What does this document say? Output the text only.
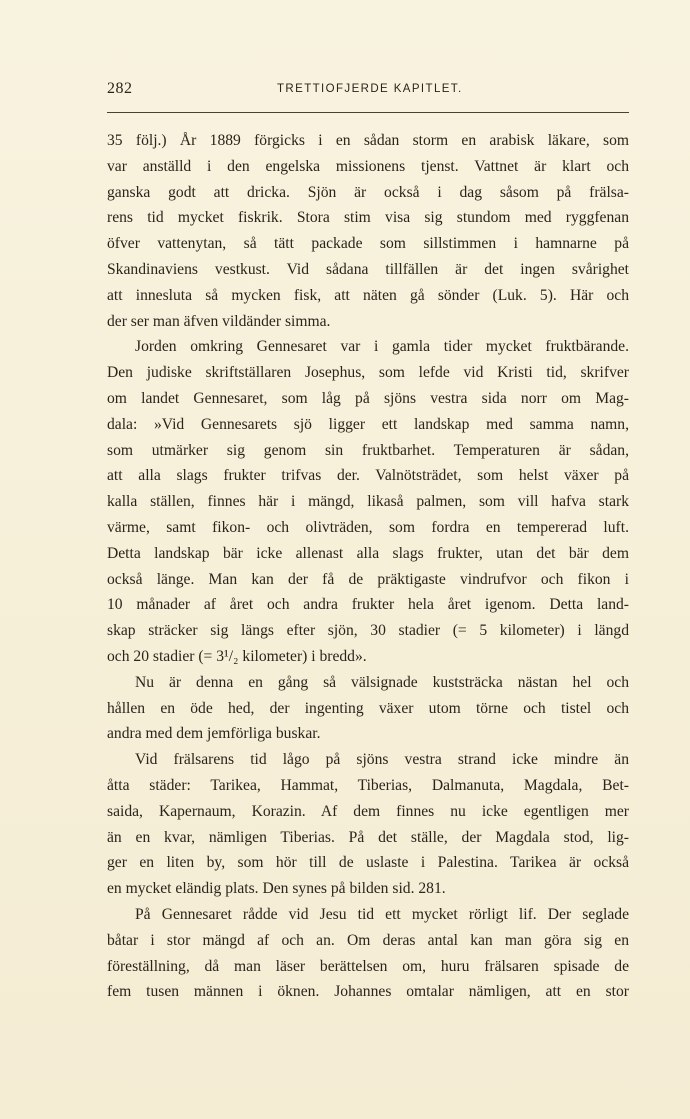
282	TRETTIOFJERDE KAPITLET.
35 följ.) År 1889 förgicks i en sådan storm en arabisk läkare, som
var anställd i den engelska missionens tjenst. Vattnet är klart och
ganska godt att dricka. Sjön är också i dag såsom på frälsa-
rens tid mycket fiskrik. Stora stim visa sig stundom med ryggfenan
öfver vattenytan, så tätt packade som sillstimmen i hamnarne på
Skandinaviens vestkust. Vid sådana tillfällen är det ingen svårighet
att innesluta så mycken fisk, att näten gå sönder (Luk. 5). Här och
der ser man äfven vildänder simma.
Jorden omkring Gennesaret var i gamla tider mycket fruktbärande.
Den judiske skriftställaren Josephus, som lefde vid Kristi tid, skrifver
om landet Gennesaret, som låg på sjöns vestra sida norr om Mag-
dala: »Vid Gennesarets sjö ligger ett landskap med samma namn,
som utmärker sig genom sin fruktbarhet. Temperaturen är sådan,
att alla slags frukter trifvas der. Valnötsträdet, som helst växer på
kalla ställen, finnes här i mängd, likaså palmen, som vill hafva stark
värme, samt fikon- och olivträden, som fordra en tempererad luft.
Detta landskap bär icke allenast alla slags frukter, utan det bär dem
också länge. Man kan der få de präktigaste vindrufvor och fikon i
10 månader af året och andra frukter hela året igenom. Detta land-
skap sträcker sig längs efter sjön, 30 stadier (= 5 kilometer) i längd
och 20 stadier (= 3¹/₂ kilometer) i bredd».
Nu är denna en gång så välsignade kuststräcka nästan hel och
hållen en öde hed, der ingenting växer utom törne och tistel och
andra med dem jemförliga buskar.
Vid frälsarens tid lågo på sjöns vestra strand icke mindre än
åtta städer: Tarikea, Hammat, Tiberias, Dalmanuta, Magdala, Bet-
saida, Kapernaum, Korazin. Af dem finnes nu icke egentligen mer
än en kvar, nämligen Tiberias. På det ställe, der Magdala stod, lig-
ger en liten by, som hör till de uslaste i Palestina. Tarikea är också
en mycket eländig plats. Den synes på bilden sid. 281.
På Gennesaret rådde vid Jesu tid ett mycket rörligt lif. Der seglade
båtar i stor mängd af och an. Om deras antal kan man göra sig en
föreställning, då man läser berättelsen om, huru frälsaren spisade de
fem tusen männen i öknen. Johannes omtalar nämligen, att en stor
